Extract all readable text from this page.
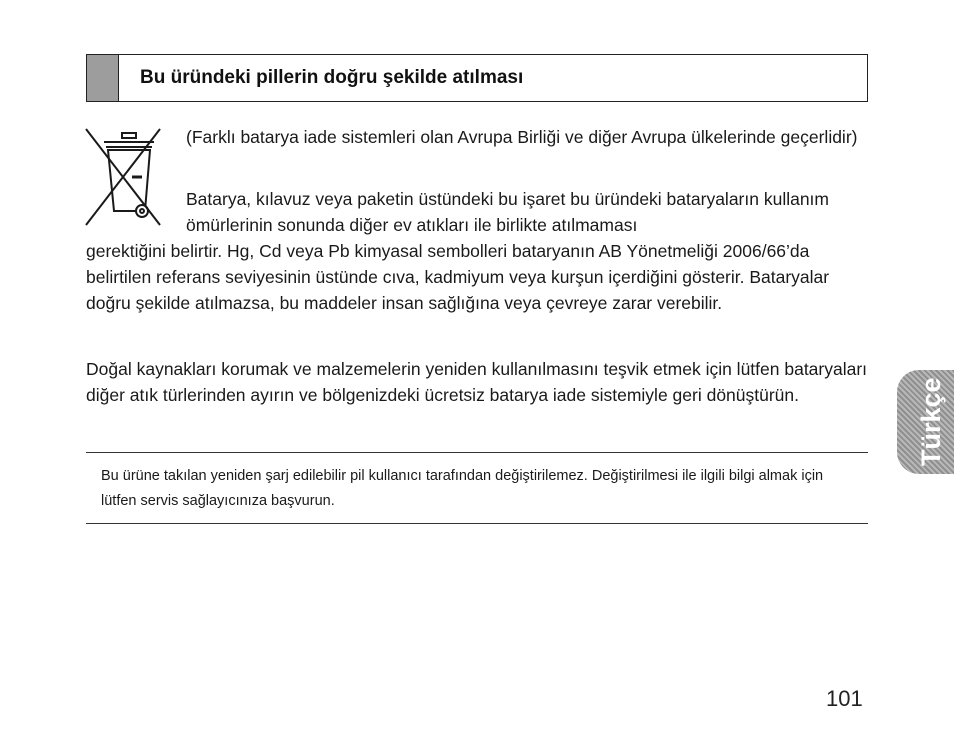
Bu üründeki pillerin doğru şekilde atılması
(Farklı batarya iade sistemleri olan Avrupa Birliği ve diğer Avrupa ülkelerinde geçerlidir)
Batarya, kılavuz veya paketin üstündeki bu işaret bu üründeki bataryaların kullanım ömürlerinin sonunda diğer ev atıkları ile birlikte atılmaması
gerektiğini belirtir. Hg, Cd veya Pb kimyasal sembolleri bataryanın AB Yönetmeliği 2006/66’da belirtilen referans seviyesinin üstünde cıva, kadmiyum veya kurşun içerdiğini gösterir. Bataryalar doğru şekilde atılmazsa, bu maddeler insan sağlığına veya çevreye zarar verebilir.
Doğal kaynakları korumak ve malzemelerin yeniden kullanılmasını teşvik etmek için lütfen bataryaları diğer atık türlerinden ayırın ve bölgenizdeki ücretsiz batarya iade sistemiyle geri dönüştürün.
Bu ürüne takılan yeniden şarj edilebilir pil kullanıcı tarafından değiştirilemez. Değiştirilmesi ile ilgili bilgi almak için lütfen servis sağlayıcınıza başvurun.
Türkçe
101
